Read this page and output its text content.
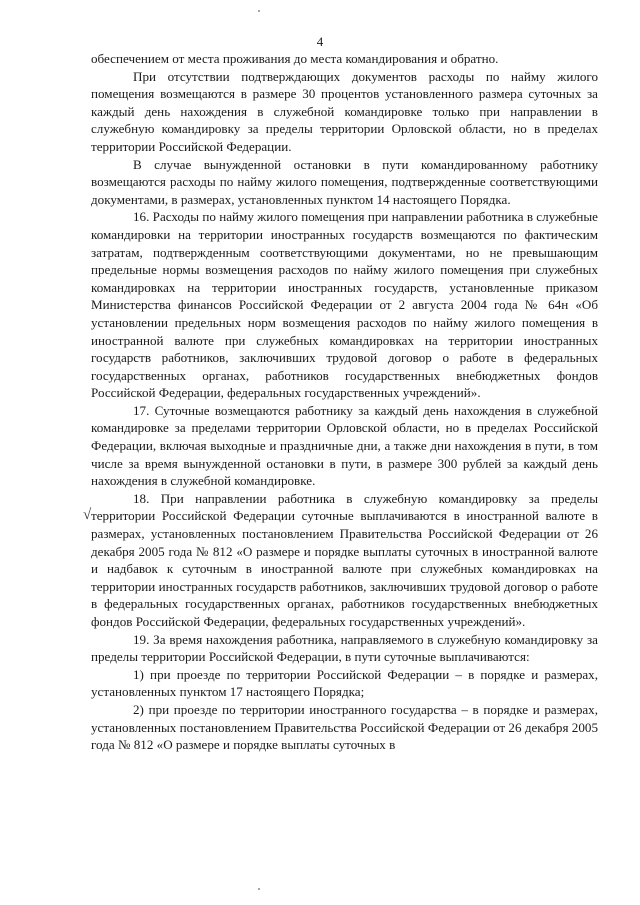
4

обеспечением от места проживания до места командирования и обратно.

При отсутствии подтверждающих документов расходы по найму жилого помещения возмещаются в размере 30 процентов установленного размера суточных за каждый день нахождения в служебной командировке только при направлении в служебную командировку за пределы территории Орловской области, но в пределах территории Российской Федерации.

В случае вынужденной остановки в пути командированному работнику возмещаются расходы по найму жилого помещения, подтвержденные соответствующими документами, в размерах, установленных пунктом 14 настоящего Порядка.

16. Расходы по найму жилого помещения при направлении работника в служебные командировки на территории иностранных государств возмещаются по фактическим затратам, подтвержденным соответствующими документами, но не превышающим предельные нормы возмещения расходов по найму жилого помещения при служебных командировках на территории иностранных государств, установленные приказом Министерства финансов Российской Федерации от 2 августа 2004 года № 64н «Об установлении предельных норм возмещения расходов по найму жилого помещения в иностранной валюте при служебных командировках на территории иностранных государств работников, заключивших трудовой договор о работе в федеральных государственных органах, работников государственных внебюджетных фондов Российской Федерации, федеральных государственных учреждений».

17. Суточные возмещаются работнику за каждый день нахождения в служебной командировке за пределами территории Орловской области, но в пределах Российской Федерации, включая выходные и праздничные дни, а также дни нахождения в пути, в том числе за время вынужденной остановки в пути, в размере 300 рублей за каждый день нахождения в служебной командировке.

18. При направлении работника в служебную командировку за пределы территории Российской Федерации суточные выплачиваются в иностранной валюте в размерах, установленных постановлением Правительства Российской Федерации от 26 декабря 2005 года № 812 «О размере и порядке выплаты суточных в иностранной валюте и надбавок к суточным в иностранной валюте при служебных командировках на территории иностранных государств работников, заключивших трудовой договор о работе в федеральных государственных органах, работников государственных внебюджетных фондов Российской Федерации, федеральных государственных учреждений».

19. За время нахождения работника, направляемого в служебную командировку за пределы территории Российской Федерации, в пути суточные выплачиваются:

1) при проезде по территории Российской Федерации – в порядке и размерах, установленных пунктом 17 настоящего Порядка;

2) при проезде по территории иностранного государства – в порядке и размерах, установленных постановлением Правительства Российской Федерации от 26 декабря 2005 года № 812 «О размере и порядке выплаты суточных в

√
